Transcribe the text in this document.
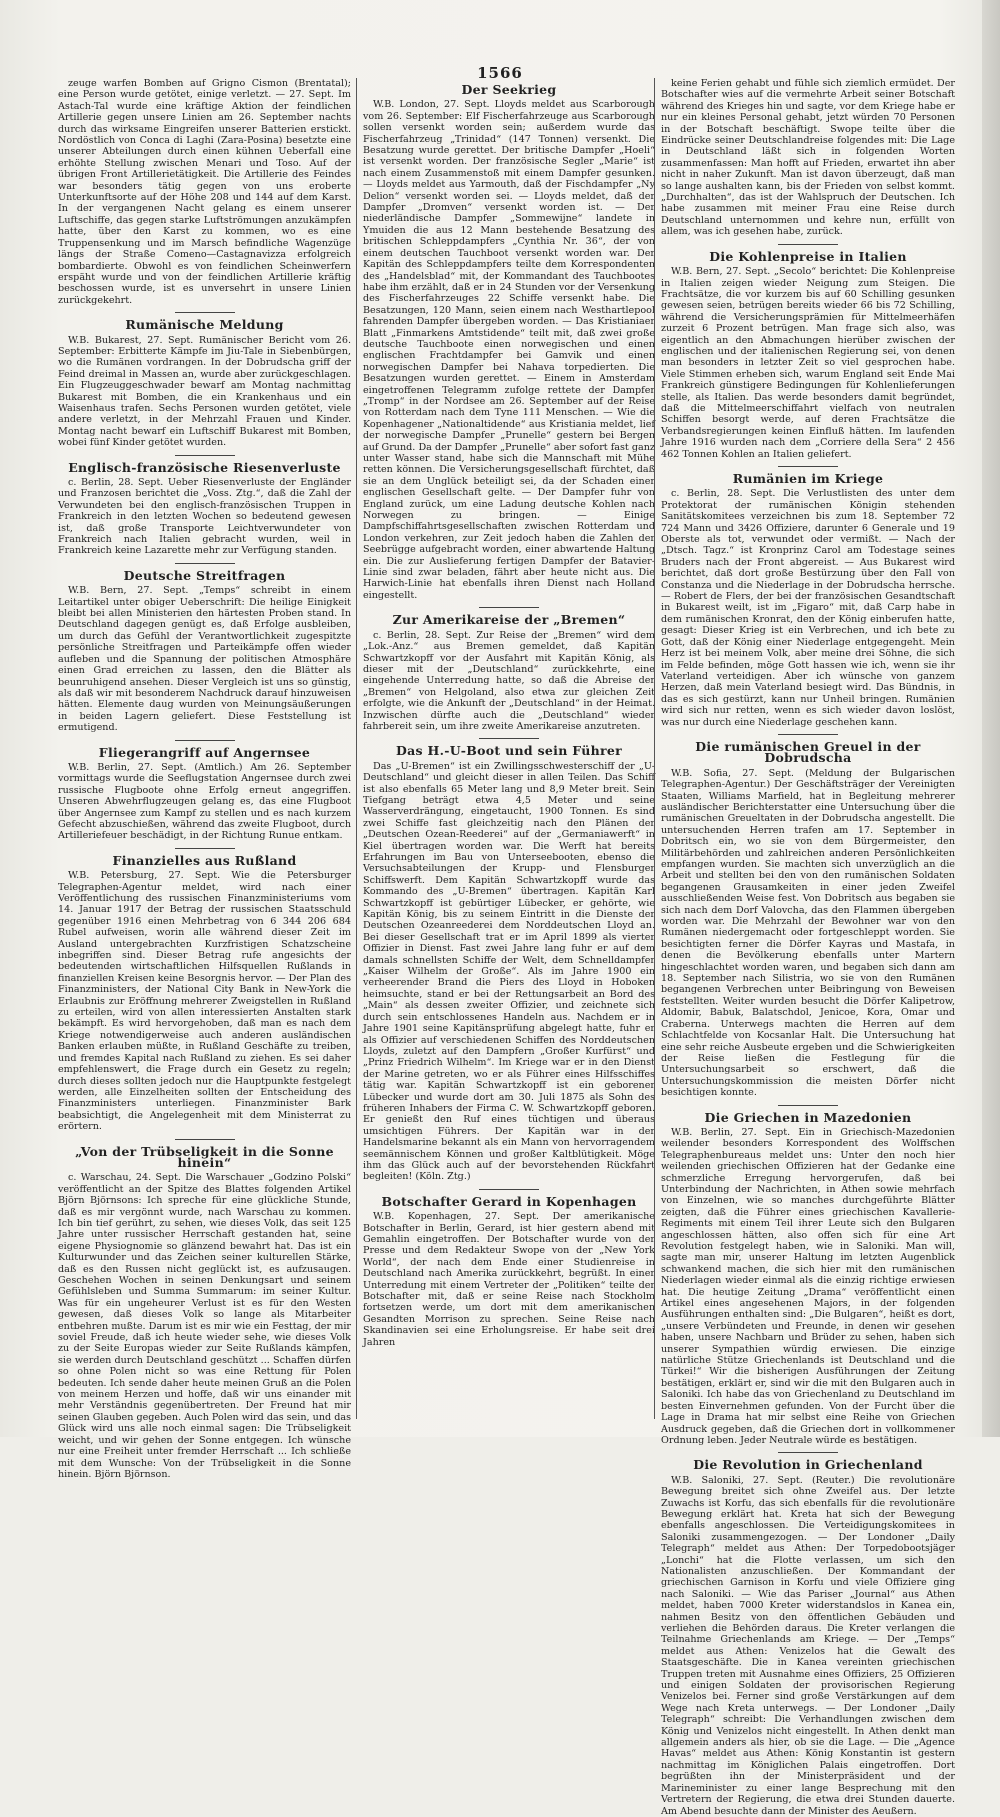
1566

zeuge warfen Bomben auf Grigno Cismon (Brentatal); eine Person wurde getötet, einige verletzt. — 27. Sept. Im Astach-Tal wurde eine kräftige Aktion der feindlichen Artillerie gegen unsere Linien am 26. September nachts durch das wirksame Eingreifen unserer Batterien erstickt. Nordöstlich von Conca di Laghi (Zara-Posina) besetzte eine unserer Abteilungen durch einen kühnen Ueberfall eine erhöhte Stellung zwischen Menari und Toso. Auf der übrigen Front Artillerietätigkeit. Die Artillerie des Feindes war besonders tätig gegen von uns eroberte Unterkunftsorte auf der Höhe 208 und 144 auf dem Karst. In der vergangenen Nacht gelang es einem unserer Luftschiffe, das gegen starke Luftströmungen anzukämpfen hatte, über den Karst zu kommen, wo es eine Truppensenkung und im Marsch befindliche Wagenzüge längs der Straße Comeno—Castagnavizza erfolgreich bombardierte. Obwohl es von feindlichen Scheinwerfern erspäht wurde und von der feindlichen Artillerie kräftig beschossen wurde, ist es unversehrt in unsere Linien zurückgekehrt.

Rumänische Meldung

W.B. Bukarest, 27. Sept. Rumänischer Bericht vom 26. September: Erbitterte Kämpfe im Jiu-Tale in Siebenbürgen, wo die Rumänen vordrangen. In der Dobrudscha griff der Feind dreimal in Massen an, wurde aber zurückgeschlagen. Ein Flugzeuggeschwader bewarf am Montag nachmittag Bukarest mit Bomben, die ein Krankenhaus und ein Waisenhaus trafen. Sechs Personen wurden getötet, viele andere verletzt, in der Mehrzahl Frauen und Kinder. Montag nacht bewarf ein Luftschiff Bukarest mit Bomben, wobei fünf Kinder getötet wurden.

Englisch-französische Riesenverluste

c. Berlin, 28. Sept. Ueber Riesenverluste der Engländer und Franzosen berichtet die „Voss. Ztg.“, daß die Zahl der Verwundeten bei den englisch-französischen Truppen in Frankreich in den letzten Wochen so bedeutend gewesen ist, daß große Transporte Leichtverwundeter von Frankreich nach Italien gebracht wurden, weil in Frankreich keine Lazarette mehr zur Verfügung standen.

Deutsche Streitfragen

W.B. Bern, 27. Sept. „Temps“ schreibt in einem Leitartikel unter obiger Ueberschrift: Die heilige Einigkeit bleibt bei allen Ministerien den härtesten Proben stand. In Deutschland dagegen genügt es, daß Erfolge ausbleiben, um durch das Gefühl der Verantwortlichkeit zugespitzte persönliche Streitfragen und Parteikämpfe offen wieder aufleben und die Spannung der politischen Atmosphäre einen Grad erreichen zu lassen, den die Blätter als beunruhigend ansehen. Dieser Vergleich ist uns so günstig, als daß wir mit besonderem Nachdruck darauf hinzuweisen hätten. Elemente daug wurden von Meinungsäußerungen in beiden Lagern geliefert. Diese Feststellung ist ermutigend.

Fliegerangriff auf Angernsee

W.B. Berlin, 27. Sept. (Amtlich.) Am 26. September vormittags wurde die Seeflugstation Angernsee durch zwei russische Flugboote ohne Erfolg erneut angegriffen. Unseren Abwehrflugzeugen gelang es, das eine Flugboot über Angernsee zum Kampf zu stellen und es nach kurzem Gefecht abzuschießen, während das zweite Flugboot, durch Artilleriefeuer beschädigt, in der Richtung Runue entkam.

Finanzielles aus Rußland

W.B. Petersburg, 27. Sept. Wie die Petersburger Telegraphen-Agentur meldet, wird nach einer Veröffentlichung des russischen Finanzministeriums vom 14. Januar 1917 der Betrag der russischen Staatsschuld gegenüber 1916 einen Mehrbetrag von 6 344 206 684 Rubel aufweisen, worin alle während dieser Zeit im Ausland untergebrachten Kurzfristigen Schatzscheine inbegriffen sind. Dieser Betrag rufe angesichts der bedeutenden wirtschaftlichen Hilfsquellen Rußlands in finanziellen Kreisen keine Besorgnis hervor. — Der Plan des Finanzministers, der National City Bank in New-York die Erlaubnis zur Eröffnung mehrerer Zweigstellen in Rußland zu erteilen, wird von allen interessierten Anstalten stark bekämpft. Es wird hervorgehoben, daß man es nach dem Kriege notwendigerweise auch anderen ausländischen Banken erlauben müßte, in Rußland Geschäfte zu treiben, und fremdes Kapital nach Rußland zu ziehen. Es sei daher empfehlenswert, die Frage durch ein Gesetz zu regeln; durch dieses sollten jedoch nur die Hauptpunkte festgelegt werden, alle Einzelheiten sollten der Entscheidung des Finanzministers unterliegen. Finanzminister Bark beabsichtigt, die Angelegenheit mit dem Ministerrat zu erörtern.

„Von der Trübseligkeit in die Sonne hinein“

c. Warschau, 24. Sept. Die Warschauer „Godzino Polski“ veröffentlicht an der Spitze des Blattes folgenden Artikel Björn Björnsons: Ich spreche für eine glückliche Stunde, daß es mir vergönnt wurde, nach Warschau zu kommen. Ich bin tief gerührt, zu sehen, wie dieses Volk, das seit 125 Jahre unter russischer Herrschaft gestanden hat, seine eigene Physiognomie so glänzend bewahrt hat. Das ist ein Kulturwunder und das Zeichen seiner kulturellen Stärke, daß es den Russen nicht geglückt ist, es aufzusaugen. Geschehen Wochen in seinen Denkungsart und seinem Gefühlsleben und Summa Summarum: im seiner Kultur. Was für ein ungeheurer Verlust ist es für den Westen gewesen, daß dieses Volk so lange als Mitarbeiter entbehren mußte. Darum ist es mir wie ein Festtag, der mir soviel Freude, daß ich heute wieder sehe, wie dieses Volk zu der Seite Europas wieder zur Seite Rußlands kämpfen, sie werden durch Deutschland geschützt ... Schaffen dürfen so ohne Polen nicht so was eine Rettung für Polen bedeuten. Ich sende daher heute meinen Gruß an die Polen von meinem Herzen und hoffe, daß wir uns einander mit mehr Verständnis gegenübertreten. Der Freund hat mir seinen Glauben gegeben. Auch Polen wird das sein, und das Glück wird uns alle noch einmal sagen: Die Trübseligkeit weicht, und wir gehen der Sonne entgegen. Ich wünsche nur eine Freiheit unter fremder Herrschaft ... Ich schließe mit dem Wunsche: Von der Trübseligkeit in die Sonne hinein. Björn Björnson.

Der Seekrieg

W.B. London, 27. Sept. Lloyds meldet aus Scarborough vom 26. September: Elf Fischerfahrzeuge aus Scarborough sollen versenkt worden sein; außerdem wurde das Fischerfahrzeug „Trinidad“ (147 Tonnen) versenkt. Die Besatzung wurde gerettet. Der britische Dampfer „Hoeli“ ist versenkt worden. Der französische Segler „Marie“ ist nach einem Zusammenstoß mit einem Dampfer gesunken. — Lloyds meldet aus Yarmouth, daß der Fischdampfer „Ny Delion“ versenkt worden sei. — Lloyds meldet, daß der Dampfer „Dromven“ versenkt worden ist. — Der niederländische Dampfer „Sommewijne“ landete in Ymuiden die aus 12 Mann bestehende Besatzung des britischen Schleppdampfers „Cynthia Nr. 36“, der von einem deutschen Tauchboot versenkt worden war. Der Kapitän des Schleppdampfers teilte dem Korrespondenten des „Handelsblad“ mit, der Kommandant des Tauchbootes habe ihm erzählt, daß er in 24 Stunden vor der Versenkung des Fischerfahrzeuges 22 Schiffe versenkt habe. Die Besatzungen, 120 Mann, seien einem nach Westhartlepool fahrenden Dampfer übergeben worden. — Das Kristianiaer Blatt „Finmarkens Amtstidende“ teilt mit, daß zwei große deutsche Tauchboote einen norwegischen und einen englischen Frachtdampfer bei Gamvik und einen norwegischen Dampfer bei Nahava torpedierten. Die Besatzungen wurden gerettet. — Einem in Amsterdam eingetroffenen Telegramm zufolge rettete der Dampfer „Tromp“ in der Nordsee am 26. September auf der Reise von Rotterdam nach dem Tyne 111 Menschen. — Wie die Kopenhagener „Nationaltidende“ aus Kristiania meldet, lief der norwegische Dampfer „Prunelle“ gestern bei Bergen auf Grund. Da der Dampfer „Prunelle“ aber sofort fast ganz unter Wasser stand, habe sich die Mannschaft mit Mühe retten können. Die Versicherungsgesellschaft fürchtet, daß sie an dem Unglück beteiligt sei, da der Schaden einer englischen Gesellschaft gelte. — Der Dampfer fuhr von England zurück, um eine Ladung deutsche Kohlen nach Norwegen zu bringen. — Einige Dampfschiffahrtsgesellschaften zwischen Rotterdam und London verkehren, zur Zeit jedoch haben die Zahlen der Seebrügge aufgebracht worden, einer abwartende Haltung ein. Die zur Auslieferung fertigen Dampfer der Batavier-Linie sind zwar beladen, fährt aber heute nicht aus. Die Harwich-Linie hat ebenfalls ihren Dienst nach Holland eingestellt.

Zur Amerikareise der „Bremen“

c. Berlin, 28. Sept. Zur Reise der „Bremen“ wird dem „Lok.-Anz.“ aus Bremen gemeldet, daß Kapitän Schwartzkopff vor der Ausfahrt mit Kapitän König, als dieser mit der „Deutschland“ zurückkehrte, eine eingehende Unterredung hatte, so daß die Abreise der „Bremen“ von Helgoland, also etwa zur gleichen Zeit erfolgte, wie die Ankunft der „Deutschland“ in der Heimat. Inzwischen dürfte auch die „Deutschland“ wieder fahrbereit sein, um ihre zweite Amerikareise anzutreten.

Das H.-U-Boot und sein Führer

Das „U-Bremen“ ist ein Zwillingsschwesterschiff der „U-Deutschland“ und gleicht dieser in allen Teilen. Das Schiff ist also ebenfalls 65 Meter lang und 8,9 Meter breit. Sein Tiefgang beträgt etwa 4,5 Meter und seine Wasserverdrängung, eingetaucht, 1900 Tonnen. Es sind zwei Schiffe fast gleichzeitig nach den Plänen der „Deutschen Ozean-Reederei“ auf der „Germaniawerft“ in Kiel übertragen worden war. Die Werft hat bereits Erfahrungen im Bau von Unterseebooten, ebenso die Versuchsabteilungen der Krupp- und Flensburger Schiffswerft. Dem Kapitän Schwartzkopff wurde das Kommando des „U-Bremen“ übertragen. Kapitän Karl Schwartzkopff ist gebürtiger Lübecker, er gehörte, wie Kapitän König, bis zu seinem Eintritt in die Dienste der Deutschen Ozeanreederei dem Norddeutschen Lloyd an. Bei dieser Gesellschaft trat er im April 1899 als vierter Offizier in Dienst. Fast zwei Jahre lang fuhr er auf dem damals schnellsten Schiffe der Welt, dem Schnelldampfer „Kaiser Wilhelm der Große“. Als im Jahre 1900 ein verheerender Brand die Piers des Lloyd in Hoboken heimsuchte, stand er bei der Rettungsarbeit an Bord des „Main“ als dessen zweiter Offizier, und zeichnete sich durch sein entschlossenes Handeln aus. Nachdem er in Jahre 1901 seine Kapitänsprüfung abgelegt hatte, fuhr er als Offizier auf verschiedenen Schiffen des Norddeutschen Lloyds, zuletzt auf den Dampfern „Großer Kurfürst“ und „Prinz Friedrich Wilhelm“. Im Kriege war er in den Dienst der Marine getreten, wo er als Führer eines Hilfsschiffes tätig war. Kapitän Schwartzkopff ist ein geborener Lübecker und wurde dort am 30. Juli 1875 als Sohn des früheren Inhabers der Firma C. W. Schwartzkopff geboren. Er genießt den Ruf eines tüchtigen und überaus umsichtigen Führers. Der Kapitän war in der Handelsmarine bekannt als ein Mann von hervorragendem seemännischem Können und großer Kaltblütigkeit. Möge ihm das Glück auch auf der bevorstehenden Rückfahrt begleiten! (Köln. Ztg.)

Botschafter Gerard in Kopenhagen

W.B. Kopenhagen, 27. Sept. Der amerikanische Botschafter in Berlin, Gerard, ist hier gestern abend mit Gemahlin eingetroffen. Der Botschafter wurde von der Presse und dem Redakteur Swope von der „New York World“, der nach dem Ende einer Studienreise in Deutschland nach Amerika zurückkehrt, begrüßt. In einer Unterredung mit einem Vertreter der „Politiken“ teilte der Botschafter mit, daß er seine Reise nach Stockholm fortsetzen werde, um dort mit dem amerikanischen Gesandten Morrison zu sprechen. Seine Reise nach Skandinavien sei eine Erholungsreise. Er habe seit drei Jahren

keine Ferien gehabt und fühle sich ziemlich ermüdet. Der Botschafter wies auf die vermehrte Arbeit seiner Botschaft während des Krieges hin und sagte, vor dem Kriege habe er nur ein kleines Personal gehabt, jetzt würden 70 Personen in der Botschaft beschäftigt. Swope teilte über die Eindrücke seiner Deutschlandreise folgendes mit: Die Lage in Deutschland läßt sich in folgenden Worten zusammenfassen: Man hofft auf Frieden, erwartet ihn aber nicht in naher Zukunft. Man ist davon überzeugt, daß man so lange aushalten kann, bis der Frieden von selbst kommt. „Durchhalten“, das ist der Wahlspruch der Deutschen. Ich habe zusammen mit meiner Frau eine Reise durch Deutschland unternommen und kehre nun, erfüllt von allem, was ich gesehen habe, zurück.

Die Kohlenpreise in Italien

W.B. Bern, 27. Sept. „Secolo“ berichtet: Die Kohlenpreise in Italien zeigen wieder Neigung zum Steigen. Die Frachtsätze, die vor kurzem bis auf 60 Schilling gesunken gewesen seien, betrügen bereits wieder 66 bis 72 Schilling, während die Versicherungsprämien für Mittelmeerhäfen zurzeit 6 Prozent betrügen. Man frage sich also, was eigentlich an den Abmachungen hierüber zwischen der englischen und der italienischen Regierung sei, von denen man besonders in letzter Zeit so viel gesprochen habe. Viele Stimmen erheben sich, warum England seit Ende Mai Frankreich günstigere Bedingungen für Kohlenlieferungen stelle, als Italien. Das werde besonders damit begründet, daß die Mittelmeerschiffahrt vielfach von neutralen Schiffen besorgt werde, auf deren Frachtsätze die Verbandsregierungen keinen Einfluß hätten. Im laufenden Jahre 1916 wurden nach dem „Corriere della Sera“ 2 456 462 Tonnen Kohlen an Italien geliefert.

Rumänien im Kriege

c. Berlin, 28. Sept. Die Verlustlisten des unter dem Protektorat der rumänischen Königin stehenden Sanitätskomitees verzeichnen bis zum 18. September 72 724 Mann und 3426 Offiziere, darunter 6 Generale und 19 Oberste als tot, verwundet oder vermißt. — Nach der „Dtsch. Tagz.“ ist Kronprinz Carol am Todestage seines Bruders nach der Front abgereist. — Aus Bukarest wird berichtet, daß dort große Bestürzung über den Fall von Constanza und die Niederlage in der Dobrudscha herrsche. — Robert de Flers, der bei der französischen Gesandtschaft in Bukarest weilt, ist im „Figaro“ mit, daß Carp habe in dem rumänischen Kronrat, den der König einberufen hatte, gesagt: Dieser Krieg ist ein Verbrechen, und ich bete zu Gott, daß der König einer Niederlage entgegengeht. Mein Herz ist bei meinem Volk, aber meine drei Söhne, die sich im Felde befinden, möge Gott hassen wie ich, wenn sie ihr Vaterland verteidigen. Aber ich wünsche von ganzem Herzen, daß mein Vaterland besiegt wird. Das Bündnis, in das es sich gestürzt, kann nur Unheil bringen. Rumänien wird sich nur retten, wenn es sich wieder davon loslöst, was nur durch eine Niederlage geschehen kann.

Die rumänischen Greuel in der Dobrudscha

W.B. Sofia, 27. Sept. (Meldung der Bulgarischen Telegraphen-Agentur.) Der Geschäftsträger der Vereinigten Staaten, Williams Marfield, hat in Begleitung mehrerer ausländischer Berichterstatter eine Untersuchung über die rumänischen Greueltaten in der Dobrudscha angestellt. Die untersuchenden Herren trafen am 17. September in Dobritsch ein, wo sie von dem Bürgermeister, den Militärbehörden und zahlreichen anderen Persönlichkeiten empfangen wurden. Sie machten sich unverzüglich an die Arbeit und stellten bei den von den rumänischen Soldaten begangenen Grausamkeiten in einer jeden Zweifel ausschließenden Weise fest. Von Dobritsch aus begaben sie sich nach dem Dorf Valovcha, das den Flammen übergeben worden war. Die Mehrzahl der Bewohner war von den Rumänen niedergemacht oder fortgeschleppt worden. Sie besichtigten ferner die Dörfer Kayras und Mastafa, in denen die Bevölkerung ebenfalls unter Martern hingeschlachtet worden waren, und begaben sich dann am 18. September nach Silistria, wo sie von den Rumänen begangenen Verbrechen unter Beibringung von Beweisen feststellten. Weiter wurden besucht die Dörfer Kalipetrow, Aldomir, Babuk, Balatschdol, Jenicoe, Kora, Omar und Craberna. Unterwegs machten die Herren auf dem Schlachtfelde von Kocsanlar Halt. Die Untersuchung hat eine sehr reiche Ausbeute ergeben und die Schwierigkeiten der Reise ließen die Festlegung für die Untersuchungsarbeit so erschwert, daß die Untersuchungskommission die meisten Dörfer nicht besichtigen konnte.

Die Griechen in Mazedonien

W.B. Berlin, 27. Sept. Ein in Griechisch-Mazedonien weilender besonders Korrespondent des Wolffschen Telegraphenbureaus meldet uns: Unter den noch hier weilenden griechischen Offizieren hat der Gedanke eine schmerzliche Erregung hervorgerufen, daß bei Unterbindung der Nachrichten, in Athen sowie mehrfach von Einzelnen, wie so manches durchgeführte Blätter zeigten, daß die Führer eines griechischen Kavallerie-Regiments mit einem Teil ihrer Leute sich den Bulgaren angeschlossen hätten, also offen sich für eine Art Revolution festgelegt haben, wie in Saloniki. Man will, sagte man mir, unserer Haltung im letzten Augenblick schwankend machen, die sich hier mit den rumänischen Niederlagen wieder einmal als die einzig richtige erwiesen hat. Die heutige Zeitung „Drama“ veröffentlicht einen Artikel eines angesehenen Majors, in der folgenden Ausführungen enthalten sind: „Die Bulgaren“, heißt es dort, „unsere Verbündeten und Freunde, in denen wir gesehen haben, unsere Nachbarn und Brüder zu sehen, haben sich unserer Sympathien würdig erwiesen. Die einzige natürliche Stütze Griechenlands ist Deutschland und die Türkei!“ Wir die bisherigen Ausführungen der Zeitung bestätigen, erklärt er, sind wir die mit den Bulgaren auch in Saloniki. Ich habe das von Griechenland zu Deutschland im besten Einvernehmen gefunden. Von der Furcht über die Lage in Drama hat mir selbst eine Reihe von Griechen Ausdruck gegeben, daß die Griechen dort in vollkommener Ordnung leben. Jeder Neutrale würde es bestätigen.

Die Revolution in Griechenland

W.B. Saloniki, 27. Sept. (Reuter.) Die revolutionäre Bewegung breitet sich ohne Zweifel aus. Der letzte Zuwachs ist Korfu, das sich ebenfalls für die revolutionäre Bewegung erklärt hat. Kreta hat sich der Bewegung ebenfalls angeschlossen. Die Verteidigungskomitees in Saloniki zusammengezogen. — Der Londoner „Daily Telegraph“ meldet aus Athen: Der Torpedobootsjäger „Lonchi“ hat die Flotte verlassen, um sich den Nationalisten anzuschließen. Der Kommandant der griechischen Garnison in Korfu und viele Offiziere ging nach Saloniki. — Wie das Pariser „Journal“ aus Athen meldet, haben 7000 Kreter widerstandslos in Kanea ein, nahmen Besitz von den öffentlichen Gebäuden und verliehen die Behörden daraus. Die Kreter verlangen die Teilnahme Griechenlands am Kriege. — Der „Temps“ meldet aus Athen: Venizelos hat die Gewalt des Staatsgeschäfte. Die in Kanea vereinten griechischen Truppen treten mit Ausnahme eines Offiziers, 25 Offizieren und einigen Soldaten der provisorischen Regierung Venizelos bei. Ferner sind große Verstärkungen auf dem Wege nach Kreta unterwegs. — Der Londoner „Daily Telegraph“ schreibt: Die Verhandlungen zwischen dem König und Venizelos nicht eingestellt. In Athen denkt man allgemein anders als hier, ob sie die Lage. — Die „Agence Havas“ meldet aus Athen: König Konstantin ist gestern nachmittag im Königlichen Palais eingetroffen. Dort begrüßten ihn der Ministerpräsident und der Marineminister zu einer lange Besprechung mit den Vertretern der Regierung, die etwa drei Stunden dauerte. Am Abend besuchte dann der Minister des Aeußern.
